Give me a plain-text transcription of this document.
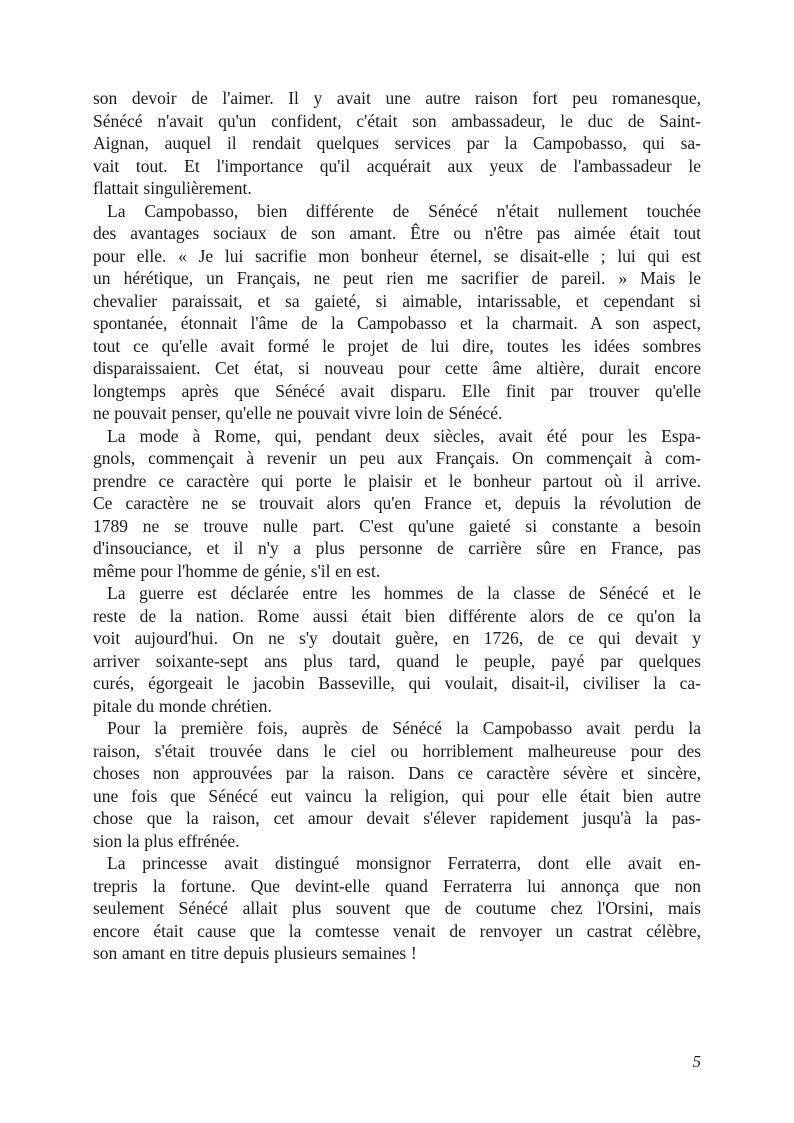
son devoir de l'aimer. Il y avait une autre raison fort peu romanesque,
Sénécé n'avait qu'un confident, c'était son ambassadeur, le duc de Saint-
Aignan, auquel il rendait quelques services par la Campobasso, qui sa-
vait tout. Et l'importance qu'il acquérait aux yeux de l'ambassadeur le
flattait singulièrement.
La Campobasso, bien différente de Sénécé n'était nullement touchée
des avantages sociaux de son amant. Être ou n'être pas aimée était tout
pour elle. « Je lui sacrifie mon bonheur éternel, se disait-elle ; lui qui est
un hérétique, un Français, ne peut rien me sacrifier de pareil. » Mais le
chevalier paraissait, et sa gaieté, si aimable, intarissable, et cependant si
spontanée, étonnait l'âme de la Campobasso et la charmait. A son aspect,
tout ce qu'elle avait formé le projet de lui dire, toutes les idées sombres
disparaissaient. Cet état, si nouveau pour cette âme altière, durait encore
longtemps après que Sénécé avait disparu. Elle finit par trouver qu'elle
ne pouvait penser, qu'elle ne pouvait vivre loin de Sénécé.
La mode à Rome, qui, pendant deux siècles, avait été pour les Espa-
gnols, commençait à revenir un peu aux Français. On commençait à com-
prendre ce caractère qui porte le plaisir et le bonheur partout où il arrive.
Ce caractère ne se trouvait alors qu'en France et, depuis la révolution de
1789 ne se trouve nulle part. C'est qu'une gaieté si constante a besoin
d'insouciance, et il n'y a plus personne de carrière sûre en France, pas
même pour l'homme de génie, s'il en est.
La guerre est déclarée entre les hommes de la classe de Sénécé et le
reste de la nation. Rome aussi était bien différente alors de ce qu'on la
voit aujourd'hui. On ne s'y doutait guère, en 1726, de ce qui devait y
arriver soixante-sept ans plus tard, quand le peuple, payé par quelques
curés, égorgeait le jacobin Basseville, qui voulait, disait-il, civiliser la ca-
pitale du monde chrétien.
Pour la première fois, auprès de Sénécé la Campobasso avait perdu la
raison, s'était trouvée dans le ciel ou horriblement malheureuse pour des
choses non approuvées par la raison. Dans ce caractère sévère et sincère,
une fois que Sénécé eut vaincu la religion, qui pour elle était bien autre
chose que la raison, cet amour devait s'élever rapidement jusqu'à la pas-
sion la plus effrénée.
La princesse avait distingué monsignor Ferraterra, dont elle avait en-
trepris la fortune. Que devint-elle quand Ferraterra lui annonça que non
seulement Sénécé allait plus souvent que de coutume chez l'Orsini, mais
encore était cause que la comtesse venait de renvoyer un castrat célèbre,
son amant en titre depuis plusieurs semaines !
5
